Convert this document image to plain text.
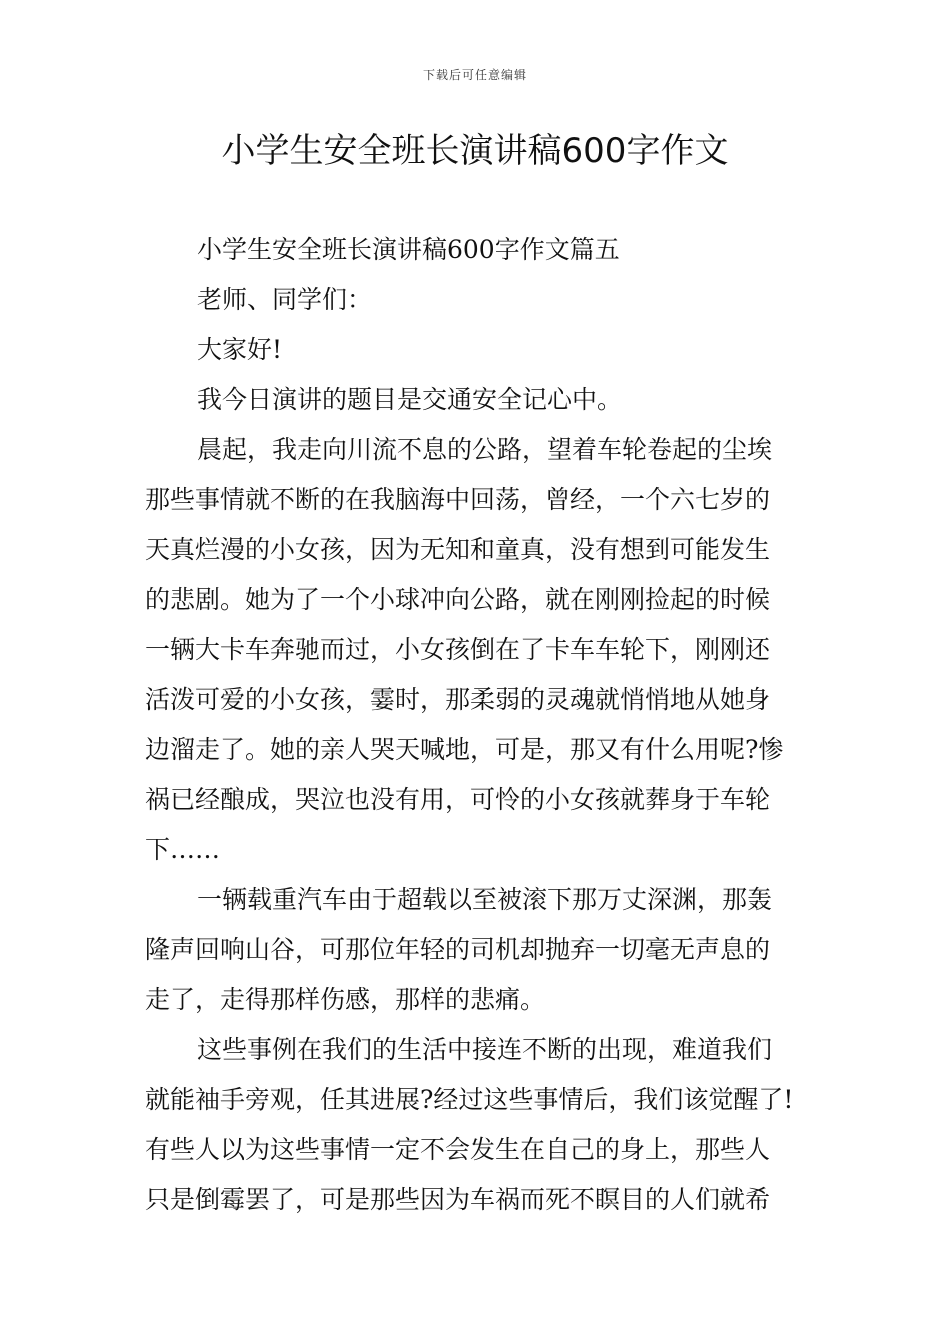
下载后可任意编辑
小学生安全班长演讲稿600字作文
小学生安全班长演讲稿600字作文篇五
老师、同学们：
大家好!
我今日演讲的题目是交通安全记心中。
晨起，我走向川流不息的公路，望着车轮卷起的尘埃
那些事情就不断的在我脑海中回荡，曾经，一个六七岁的
天真烂漫的小女孩，因为无知和童真，没有想到可能发生
的悲剧。她为了一个小球冲向公路，就在刚刚捡起的时候
一辆大卡车奔驰而过，小女孩倒在了卡车车轮下，刚刚还
活泼可爱的小女孩，霎时，那柔弱的灵魂就悄悄地从她身
边溜走了。她的亲人哭天喊地，可是，那又有什么用呢?惨
祸已经酿成，哭泣也没有用，可怜的小女孩就葬身于车轮
下……
一辆载重汽车由于超载以至被滚下那万丈深渊，那轰
隆声回响山谷，可那位年轻的司机却抛弃一切毫无声息的
走了，走得那样伤感，那样的悲痛。
这些事例在我们的生活中接连不断的出现，难道我们
就能袖手旁观，任其进展?经过这些事情后，我们该觉醒了!
有些人以为这些事情一定不会发生在自己的身上，那些人
只是倒霉罢了，可是那些因为车祸而死不瞑目的人们就希
